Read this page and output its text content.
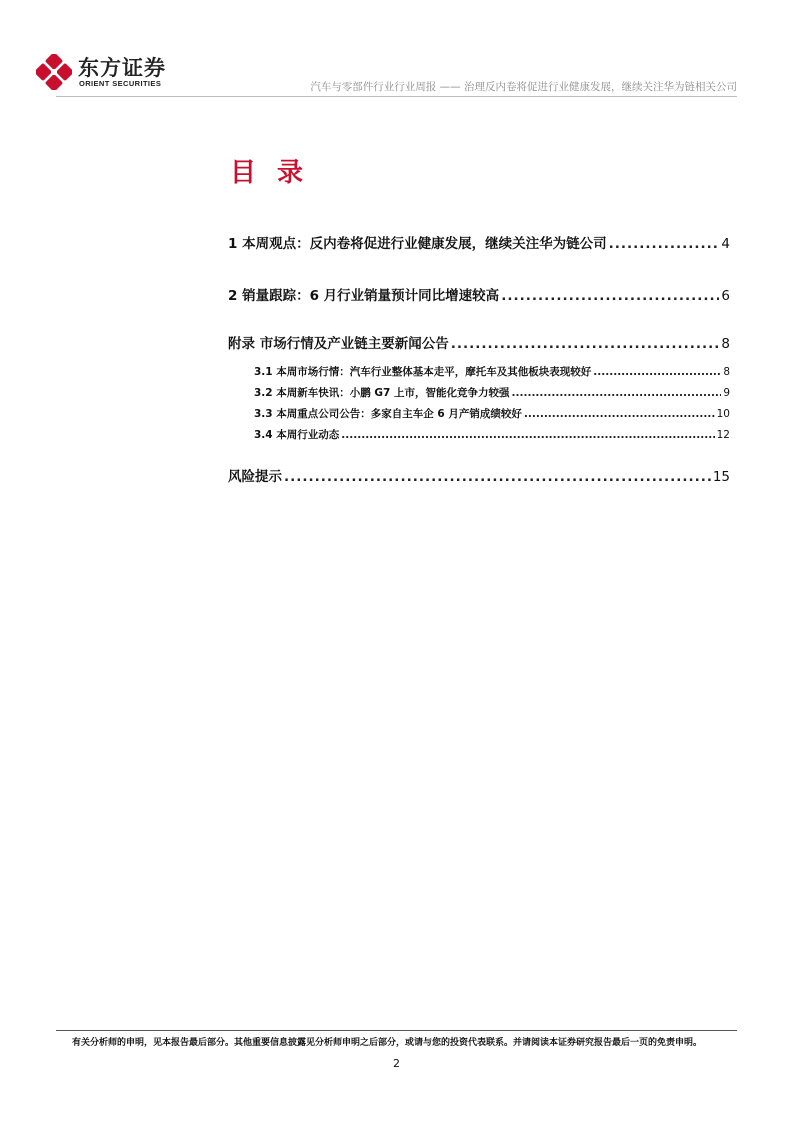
东方证券
ORIENT SECURITIES	汽车与零部件行业行业周报 —— 治理反内卷将促进行业健康发展，继续关注华为链相关公司
目 录
1 本周观点：反内卷将促进行业健康发展，继续关注华为链公司 .....	4
2 销量跟踪：6 月行业销量预计同比增速较高 .....	6
附录 市场行情及产业链主要新闻公告 .....	8
3.1 本周市场行情：汽车行业整体基本走平，摩托车及其他板块表现较好 .....	8
3.2 本周新车快讯：小鹏 G7 上市，智能化竞争力较强 .....	9
3.3 本周重点公司公告：多家自主车企 6 月产销成绩较好 .....	10
3.4 本周行业动态 .....	12
风险提示 .....	15
有关分析师的申明，见本报告最后部分。其他重要信息披露见分析师申明之后部分，或请与您的投资代表联系。并请阅读本证券研究报告最后一页的免责申明。
2
